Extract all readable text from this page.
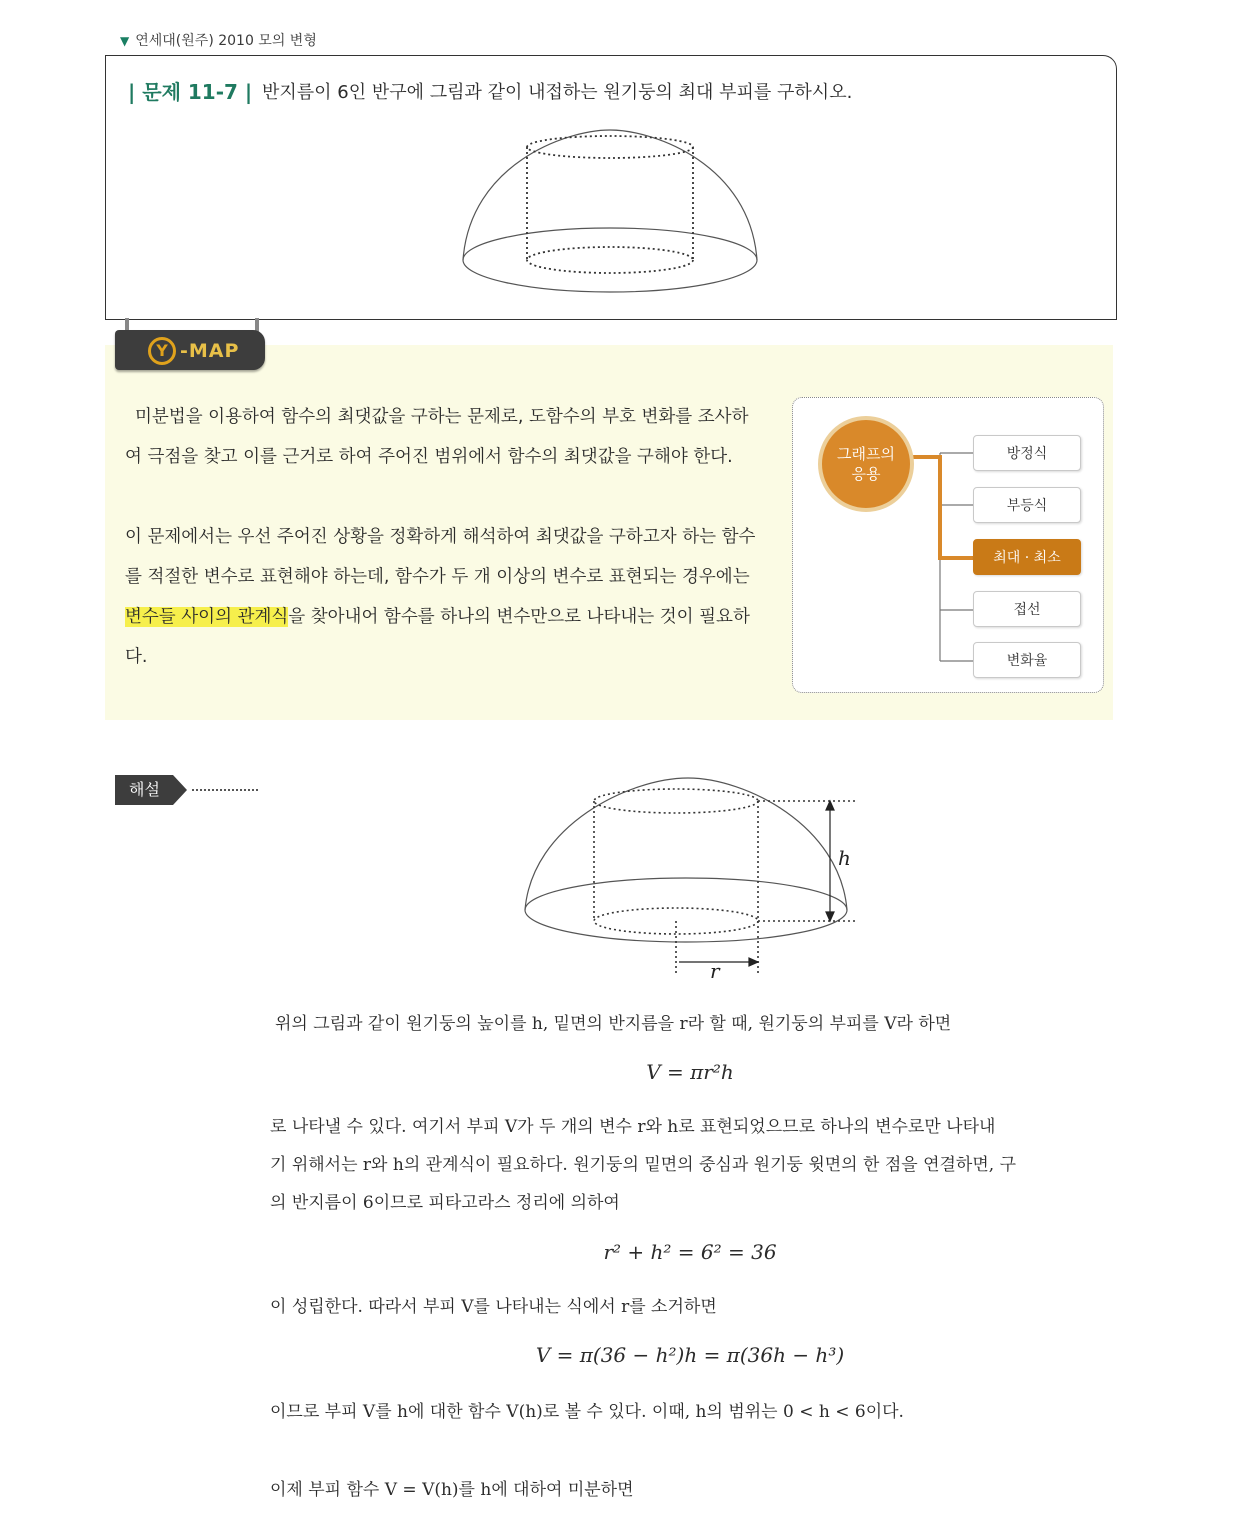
▼ 연세대(원주) 2010 모의 변형
| 문제 11-7 | 반지름이 6인 반구에 그림과 같이 내접하는 원기둥의 최대 부피를 구하시오.
Y -MAP
미분법을 이용하여 함수의 최댓값을 구하는 문제로, 도함수의 부호 변화를 조사하
여 극점을 찾고 이를 근거로 하여 주어진 범위에서 함수의 최댓값을 구해야 한다.
이 문제에서는 우선 주어진 상황을 정확하게 해석하여 최댓값을 구하고자 하는 함수
를 적절한 변수로 표현해야 하는데, 함수가 두 개 이상의 변수로 표현되는 경우에는
변수들 사이의 관계식을 찾아내어 함수를 하나의 변수만으로 나타내는 것이 필요하
다.
그래프의
응용
방정식
부등식
최대 · 최소
접선
변화율
해설
h
r
위의 그림과 같이 원기둥의 높이를 h, 밑면의 반지름을 r라 할 때, 원기둥의 부피를 V라 하면
V = πr²h
로 나타낼 수 있다. 여기서 부피 V가 두 개의 변수 r와 h로 표현되었으므로 하나의 변수로만 나타내
기 위해서는 r와 h의 관계식이 필요하다. 원기둥의 밑면의 중심과 원기둥 윗면의 한 점을 연결하면, 구
의 반지름이 6이므로 피타고라스 정리에 의하여
r² + h² = 6² = 36
이 성립한다. 따라서 부피 V를 나타내는 식에서 r를 소거하면
V = π(36 − h²)h = π(36h − h³)
이므로 부피 V를 h에 대한 함수 V(h)로 볼 수 있다. 이때, h의 범위는 0 < h < 6이다.
이제 부피 함수 V = V(h)를 h에 대하여 미분하면
